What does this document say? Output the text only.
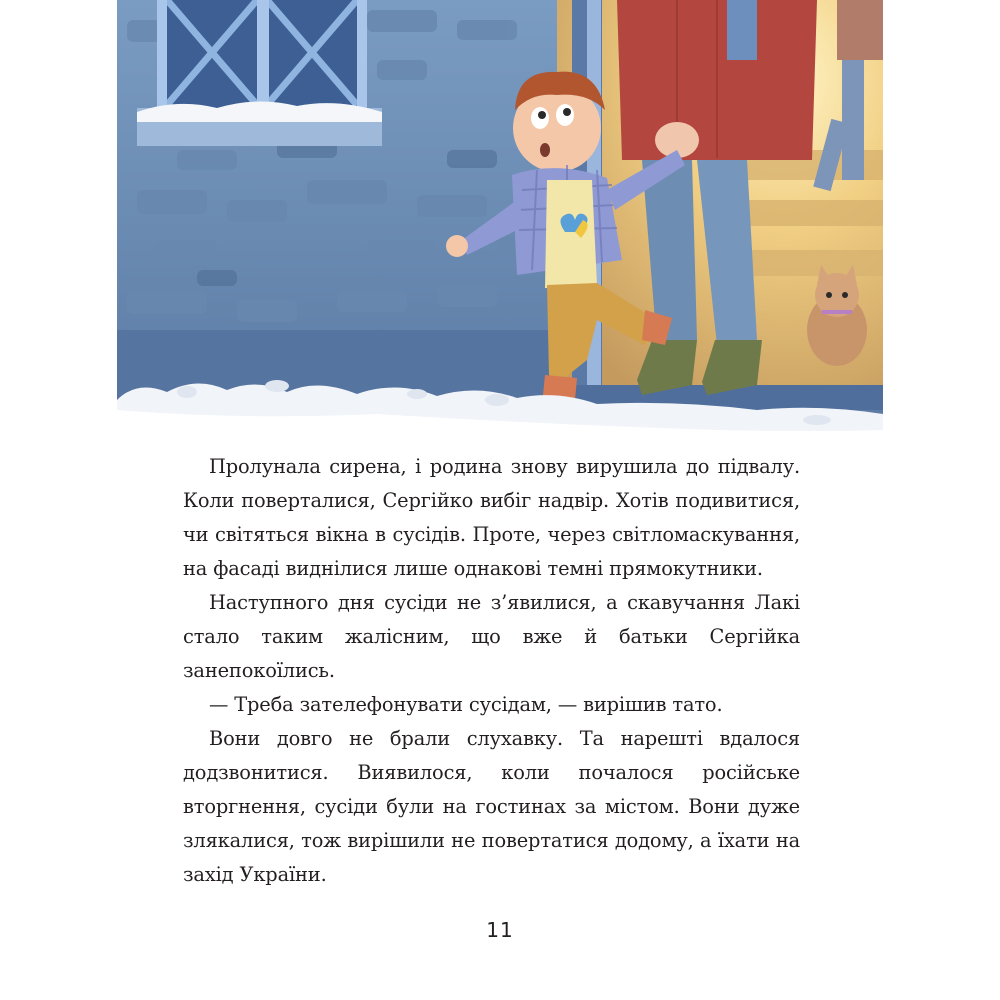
Пролунала сирена, і родина знову вирушила до підвалу. Коли поверталися, Сергійко вибіг надвір. Хотів подивитися, чи світяться вікна в сусідів. Проте, через світломаскування, на фасаді виднілися лише однакові темні прямокутники.

Наступного дня сусіди не з’явилися, а скавучання Лакі стало таким жалісним, що вже й батьки Сергійка занепокоїлись.

— Треба зателефонувати сусідам, — вирішив тато.

Вони довго не брали слухавку. Та нарешті вдалося додзвонитися. Виявилося, коли почалося російське вторгнення, сусіди були на гостинах за містом. Вони дуже злякалися, тож вирішили не повертатися додому, а їхати на захід України.

11
